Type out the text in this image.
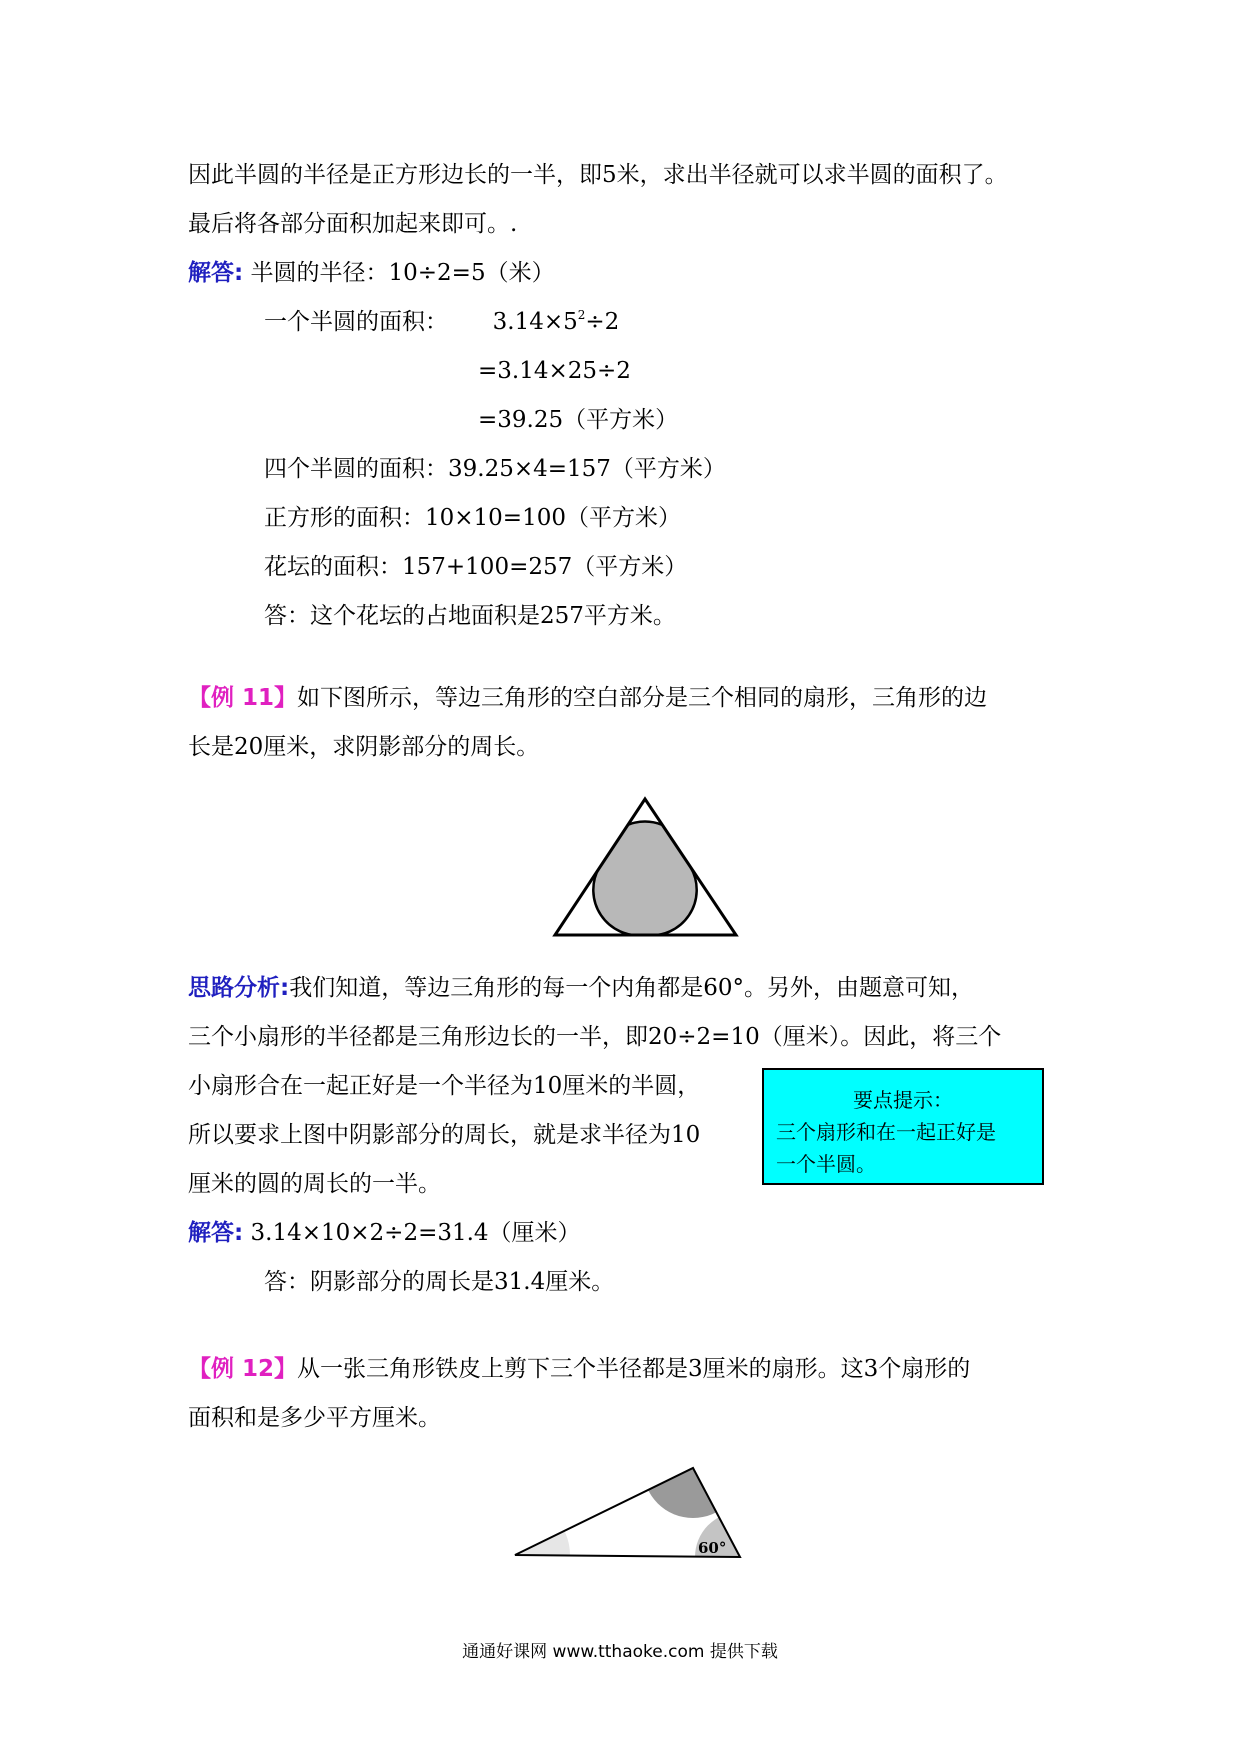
因此半圆的半径是正方形边长的一半，即5米，求出半径就可以求半圆的面积了。
最后将各部分面积加起来即可。.
解答: 半圆的半径：10÷2=5（米）
一个半圆的面积： $3.14\times 5^2\div 2$
=3.14×25÷2
=39.25（平方米）
四个半圆的面积：39.25×4=157（平方米）
正方形的面积：10×10=100（平方米）
花坛的面积：157+100=257（平方米）
答：这个花坛的占地面积是257平方米。
【例 11】如下图所示，等边三角形的空白部分是三个相同的扇形，三角形的边
长是20厘米，求阴影部分的周长。
思路分析:我们知道，等边三角形的每一个内角都是60°。另外，由题意可知，
三个小扇形的半径都是三角形边长的一半，即20÷2=10（厘米）。因此，将三个
小扇形合在一起正好是一个半径为10厘米的半圆，
所以要求上图中阴影部分的周长，就是求半径为10
厘米的圆的周长的一半。
要点提示：
三个扇形和在一起正好是
一个半圆。
解答: 3.14×10×2÷2=31.4（厘米）
答：阴影部分的周长是31.4厘米。
【例 12】从一张三角形铁皮上剪下三个半径都是3厘米的扇形。这3个扇形的
面积和是多少平方厘米。
60°
通通好课网 www.tthaoke.com 提供下载
